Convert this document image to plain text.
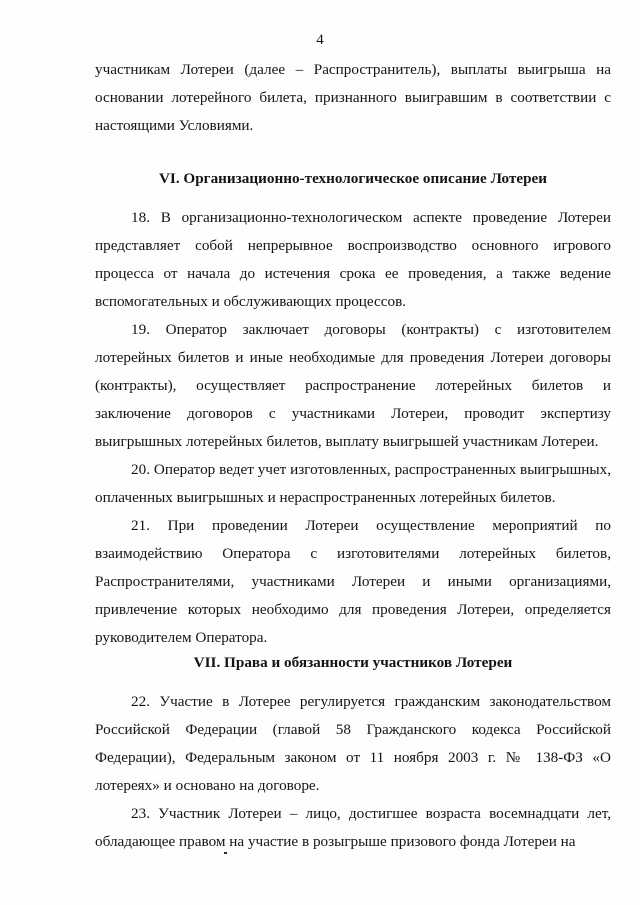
4

участникам Лотереи (далее – Распространитель), выплаты выигрыша на основании лотерейного билета, признанного выигравшим в соответствии с настоящими Условиями.

VI. Организационно-технологическое описание Лотереи

18. В организационно-технологическом аспекте проведение Лотереи представляет собой непрерывное воспроизводство основного игрового процесса от начала до истечения срока ее проведения, а также ведение вспомогательных и обслуживающих процессов.

19. Оператор заключает договоры (контракты) с изготовителем лотерейных билетов и иные необходимые для проведения Лотереи договоры (контракты), осуществляет распространение лотерейных билетов и заключение договоров с участниками Лотереи, проводит экспертизу выигрышных лотерейных билетов, выплату выигрышей участникам Лотереи.

20. Оператор ведет учет изготовленных, распространенных выигрышных, оплаченных выигрышных и нераспространенных лотерейных билетов.

21. При проведении Лотереи осуществление мероприятий по взаимодействию Оператора с изготовителями лотерейных билетов, Распространителями, участниками Лотереи и иными организациями, привлечение которых необходимо для проведения Лотереи, определяется руководителем Оператора.

VII. Права и обязанности участников Лотереи

22. Участие в Лотерее регулируется гражданским законодательством Российской Федерации (главой 58 Гражданского кодекса Российской Федерации), Федеральным законом от 11 ноября 2003 г. № 138-ФЗ «О лотереях» и основано на договоре.

23. Участник Лотереи – лицо, достигшее возраста восемнадцати лет, обладающее правом на участие в розыгрыше призового фонда Лотереи на
